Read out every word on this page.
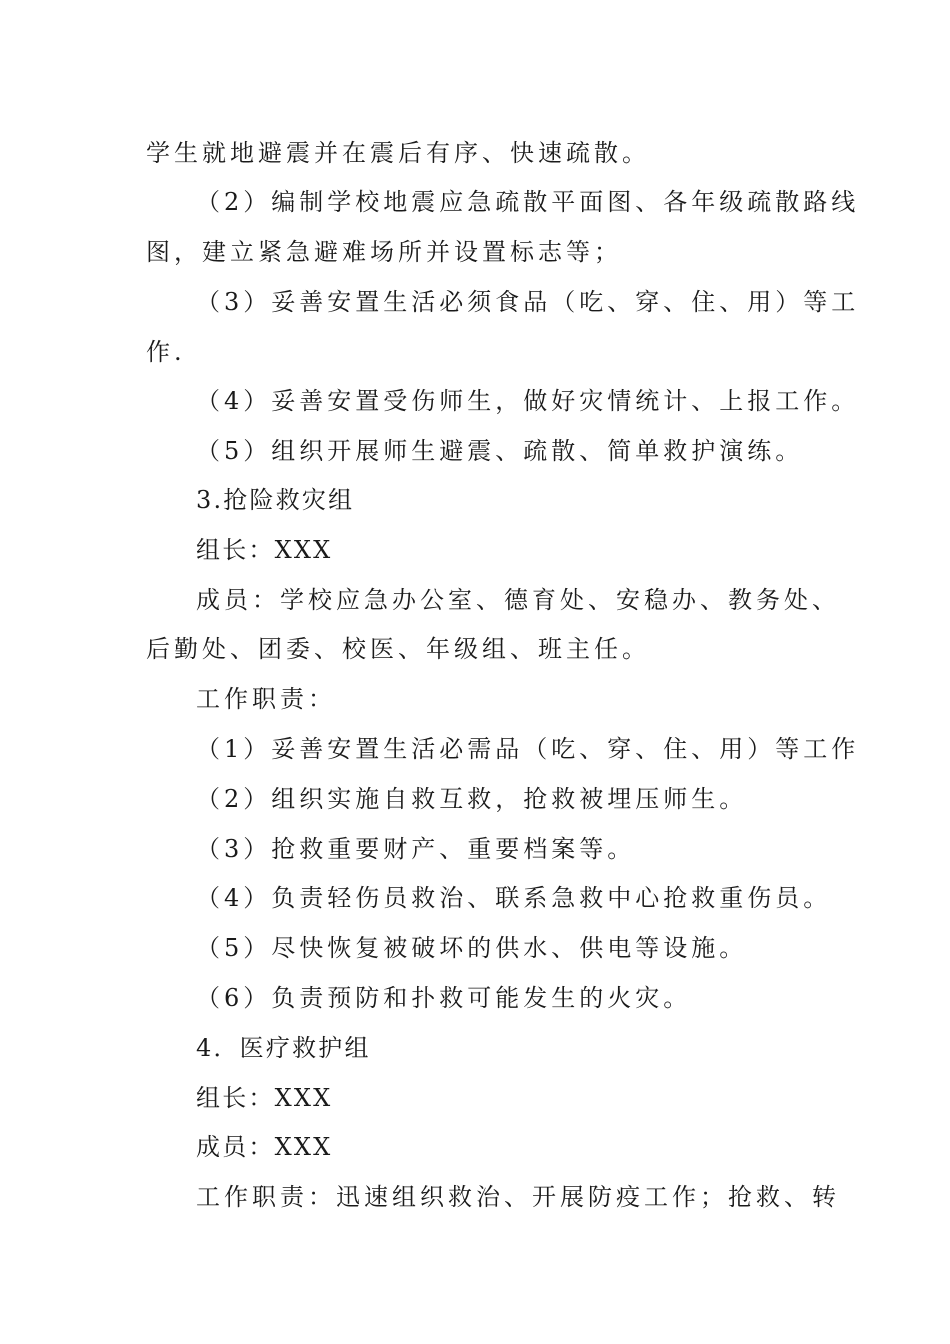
学生就地避震并在震后有序、快速疏散。
（2）编制学校地震应急疏散平面图、各年级疏散路线
图，建立紧急避难场所并设置标志等；
（3）妥善安置生活必须食品（吃、穿、住、用）等工
作.
（4）妥善安置受伤师生，做好灾情统计、上报工作。
（5）组织开展师生避震、疏散、简单救护演练。
3.抢险救灾组
组长：XXX
成员：学校应急办公室、德育处、安稳办、教务处、
后勤处、团委、校医、年级组、班主任。
工作职责：
（1）妥善安置生活必需品（吃、穿、住、用）等工作
（2）组织实施自救互救，抢救被埋压师生。
（3）抢救重要财产、重要档案等。
（4）负责轻伤员救治、联系急救中心抢救重伤员。
（5）尽快恢复被破坏的供水、供电等设施。
（6）负责预防和扑救可能发生的火灾。
4．医疗救护组
组长：XXX
成员：XXX
工作职责：迅速组织救治、开展防疫工作；抢救、转
